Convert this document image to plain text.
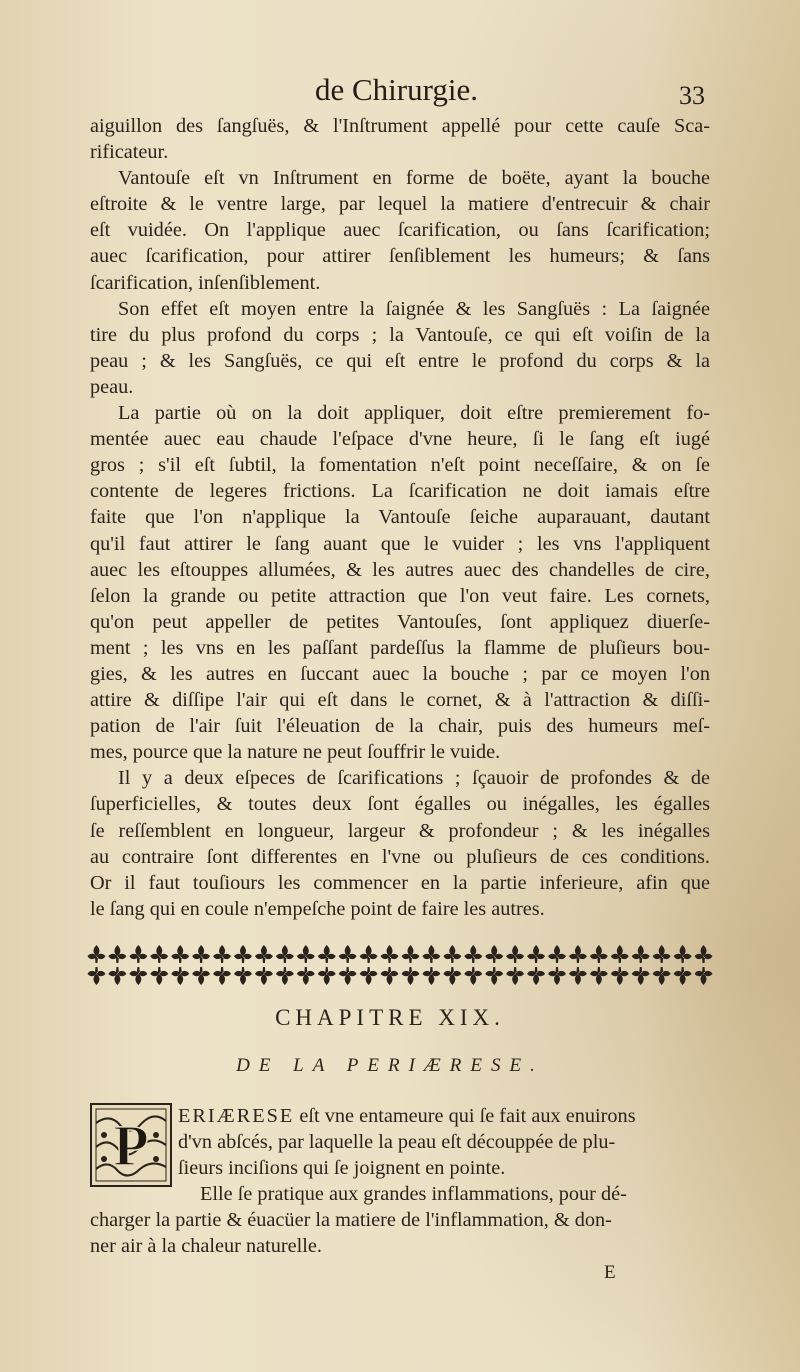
de Chirurgie.	33

aiguillon des ſangſuës, & l'Inſtrument appellé pour cette cauſe Sca-
rificateur.

Vantouſe eſt vn Inſtrument en forme de boëte, ayant la bouche
eſtroite & le ventre large, par lequel la matiere d'entrecuir & chair
eſt vuidée. On l'applique auec ſcarification, ou ſans ſcarification;
auec ſcarification, pour attirer ſenſiblement les humeurs; & ſans
ſcarification, inſenſiblement.

Son effet eſt moyen entre la ſaignée & les Sangſuës : La ſaignée
tire du plus profond du corps ; la Vantouſe, ce qui eſt voiſin de la
peau ; & les Sangſuës, ce qui eſt entre le profond du corps & la
peau.

La partie où on la doit appliquer, doit eſtre premierement fo-
mentée auec eau chaude l'eſpace d'vne heure, ſi le ſang eſt iugé
gros ; s'il eſt ſubtil, la fomentation n'eſt point neceſſaire, & on ſe
contente de legeres frictions. La ſcarification ne doit iamais eſtre
faite que l'on n'applique la Vantouſe ſeiche auparauant, dautant
qu'il faut attirer le ſang auant que le vuider ; les vns l'appliquent
auec les eſtouppes allumées, & les autres auec des chandelles de cire,
ſelon la grande ou petite attraction que l'on veut faire. Les cornets,
qu'on peut appeller de petites Vantouſes, ſont appliquez diuerſe-
ment ; les vns en les paſſant pardeſſus la flamme de pluſieurs bou-
gies, & les autres en ſuccant auec la bouche ; par ce moyen l'on
attire & diſſipe l'air qui eſt dans le cornet, & à l'attraction & diſſi-
pation de l'air ſuit l'éleuation de la chair, puis des humeurs meſ-
mes, pource que la nature ne peut ſouffrir le vuide.

Il y a deux eſpeces de ſcarifications ; ſçauoir de profondes & de
ſuperficielles, & toutes deux ſont égalles ou inégalles, les égalles
ſe reſſemblent en longueur, largeur & profondeur ; & les inégalles
au contraire ſont differentes en l'vne ou pluſieurs de ces conditions.
Or il faut touſiours les commencer en la partie inferieure, afin que
le ſang qui en coule n'empeſche point de faire les autres.

CHAPITRE XIX.
DE LA PERIÆRESE.
P ERIÆRESE eſt vne entameure qui ſe fait aux enuirons

d'vn abſcés, par laquelle la peau eſt découppée de plu-

ſieurs inciſions qui ſe joignent en pointe.

Elle ſe pratique aux grandes inflammations, pour dé-

charger la partie & éuacüer la matiere de l'inflammation, & don-

ner air à la chaleur naturelle.

E
